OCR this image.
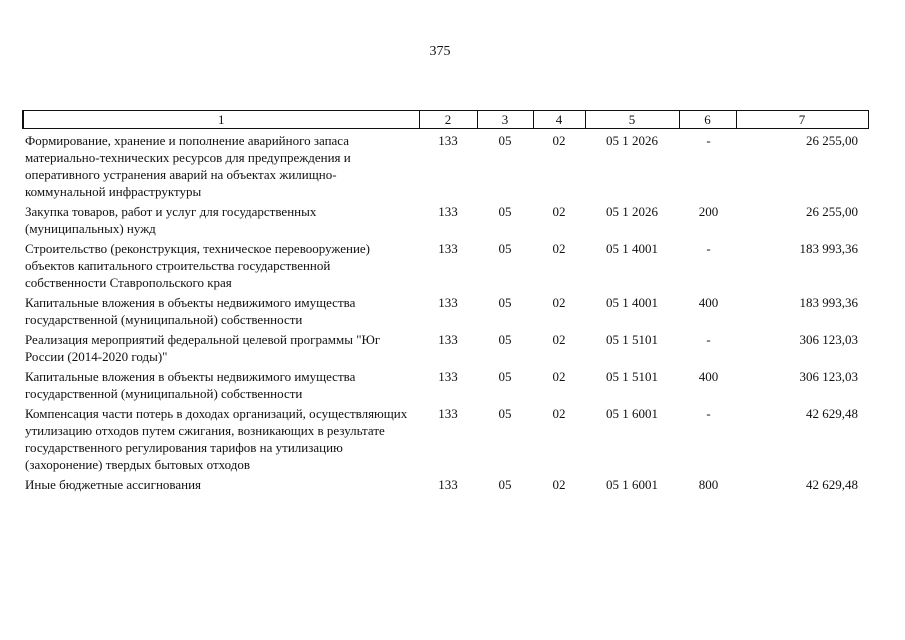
375
1	2	3	4	5	6	7
Формирование, хранение и пополнение аварийного запаса материально-технических ресурсов для предупреждения и оперативного устранения аварий на объектах жилищно-коммунальной инфраструктуры	133	05	02	05 1 2026	-	26 255,00
Закупка товаров, работ и услуг для государственных (муниципальных) нужд	133	05	02	05 1 2026	200	26 255,00
Строительство (реконструкция, техническое перевооружение) объектов капитального строительства государственной собственности Ставропольского края	133	05	02	05 1 4001	-	183 993,36
Капитальные вложения в объекты недвижимого имущества государственной (муниципальной) собственности	133	05	02	05 1 4001	400	183 993,36
Реализация мероприятий федеральной целевой программы "Юг России (2014-2020 годы)"	133	05	02	05 1 5101	-	306 123,03
Капитальные вложения в объекты недвижимого имущества государственной (муниципальной) собственности	133	05	02	05 1 5101	400	306 123,03
Компенсация части потерь в доходах организаций, осуществляющих утилизацию отходов путем сжигания, возникающих в результате государственного регулирования тарифов на утилизацию (захоронение) твердых бытовых отходов	133	05	02	05 1 6001	-	42 629,48
Иные бюджетные ассигнования	133	05	02	05 1 6001	800	42 629,48
